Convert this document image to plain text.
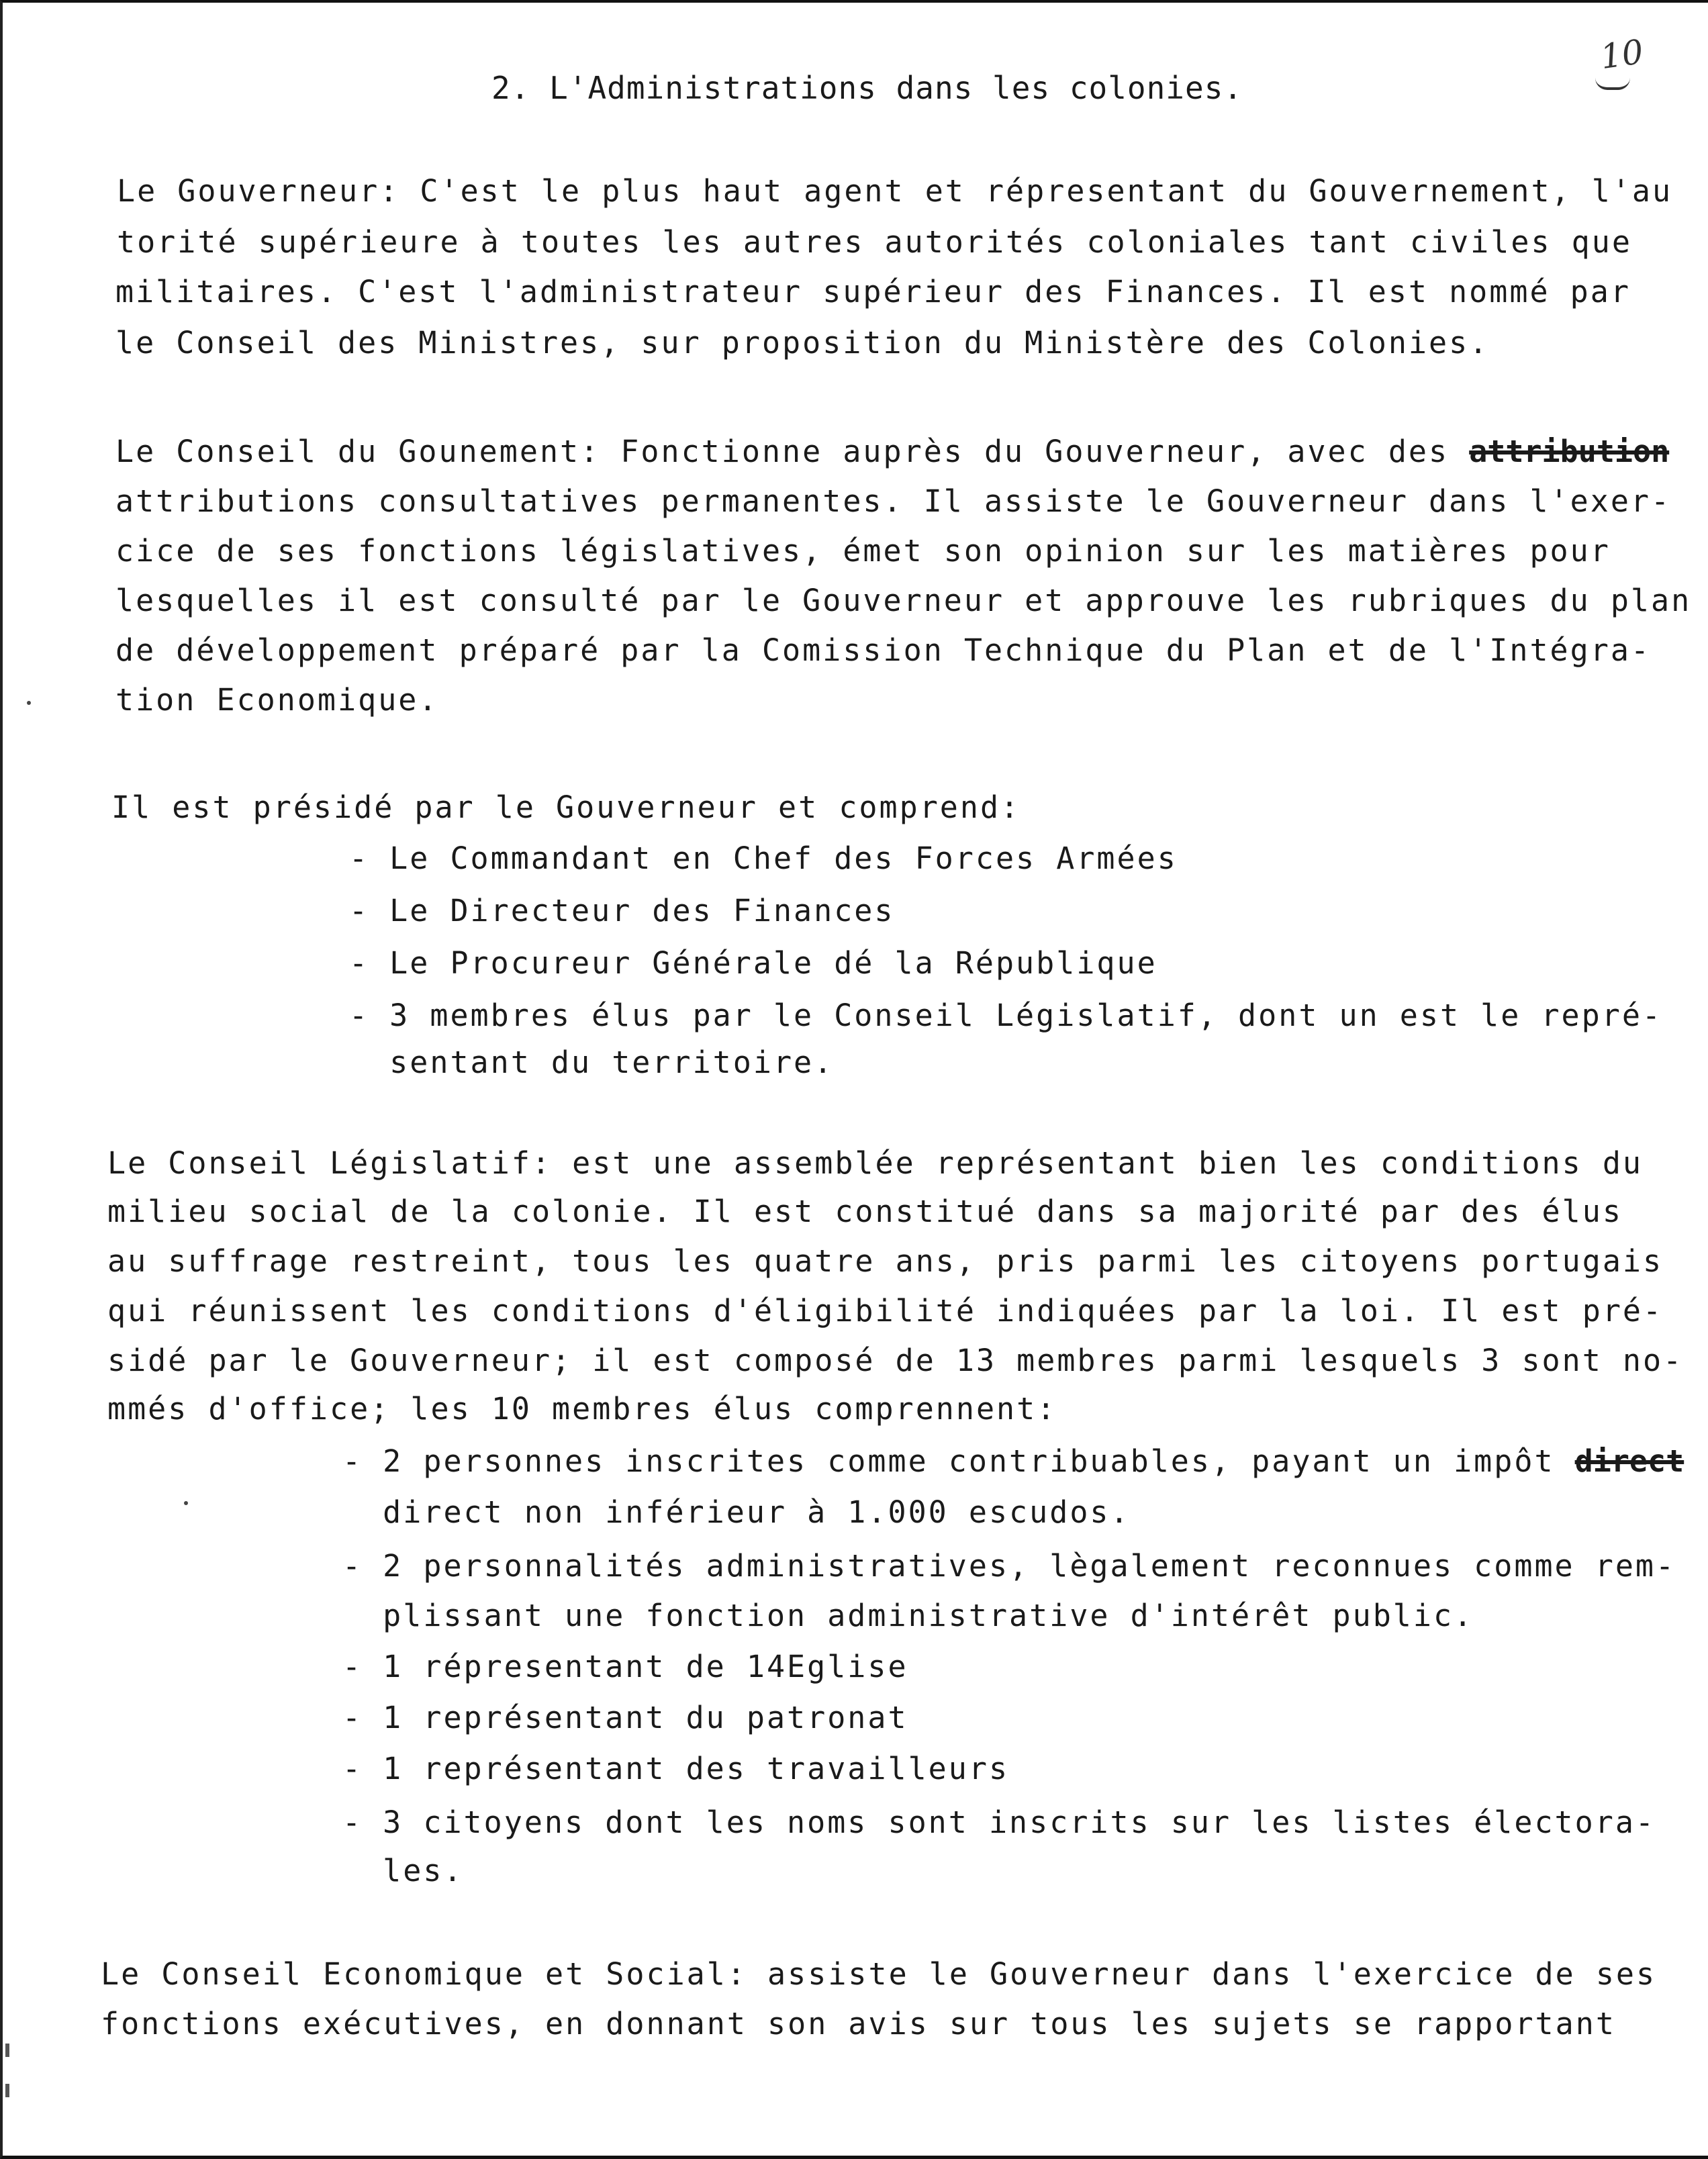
10
2. L'Administrations dans les colonies.
Le Gouverneur: C'est le plus haut agent et répresentant du Gouvernement, l'au
torité supérieure à toutes les autres autorités coloniales tant civiles que
militaires. C'est l'administrateur supérieur des Finances. Il est nommé par
le Conseil des Ministres, sur proposition du Ministère des Colonies.
Le Conseil du Gounement: Fonctionne auprès du Gouverneur, avec des attribution
attributions consultatives permanentes. Il assiste le Gouverneur dans l'exer-
cice de ses fonctions législatives, émet son opinion sur les matières pour
lesquelles il est consulté par le Gouverneur et approuve les rubriques du plan
de développement préparé par la Comission Technique du Plan et de l'Intégra-
tion Economique.
Il est présidé par le Gouverneur et comprend:
- Le Commandant en Chef des Forces Armées
- Le Directeur des Finances
- Le Procureur Générale dé la République
- 3 membres élus par le Conseil Législatif, dont un est le repré-
sentant du territoire.
Le Conseil Législatif: est une assemblée représentant bien les conditions du
milieu social de la colonie. Il est constitué dans sa majorité par des élus
au suffrage restreint, tous les quatre ans, pris parmi les citoyens portugais
qui réunissent les conditions d'éligibilité indiquées par la loi. Il est pré-
sidé par le Gouverneur; il est composé de 13 membres parmi lesquels 3 sont no-
mmés d'office; les 10 membres élus comprennent:
- 2 personnes inscrites comme contribuables, payant un impôt direct
direct non inférieur à 1.000 escudos.
- 2 personnalités administratives, lègalement reconnues comme rem-
plissant une fonction administrative d'intérêt public.
- 1 répresentant de 14Eglise
- 1 représentant du patronat
- 1 représentant des travailleurs
- 3 citoyens dont les noms sont inscrits sur les listes électora-
les.
Le Conseil Economique et Social: assiste le Gouverneur dans l'exercice de ses
fonctions exécutives, en donnant son avis sur tous les sujets se rapportant
